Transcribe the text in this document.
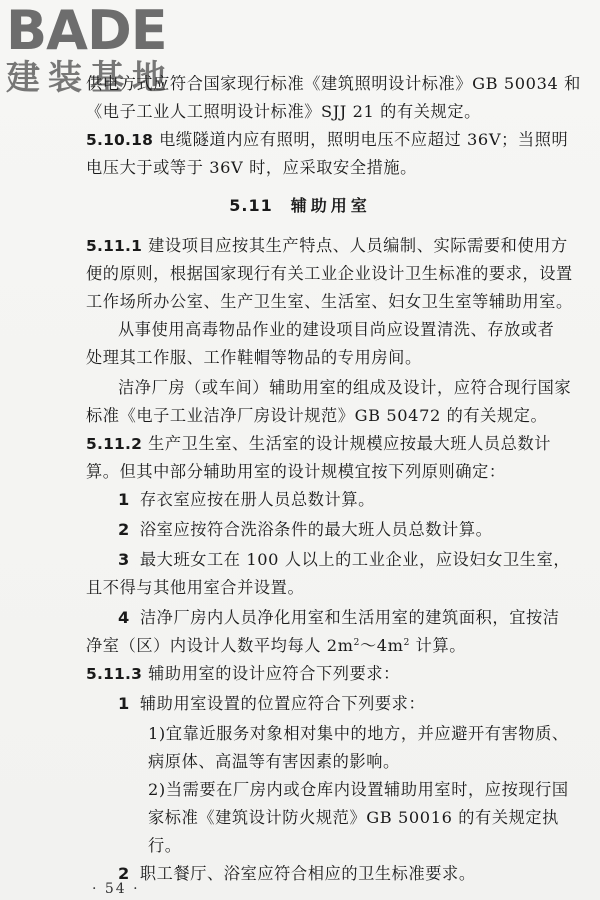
BADE
建装基地
供电方式应符合国家现行标准《建筑照明设计标准》GB 50034 和
《电子工业人工照明设计标准》SJJ 21 的有关规定。
5.10.18 电缆隧道内应有照明，照明电压不应超过 36V；当照明
电压大于或等于 36V 时，应采取安全措施。
5.11 辅助用室
5.11.1 建设项目应按其生产特点、人员编制、实际需要和使用方
便的原则，根据国家现行有关工业企业设计卫生标准的要求，设置
工作场所办公室、生产卫生室、生活室、妇女卫生室等辅助用室。
从事使用高毒物品作业的建设项目尚应设置清洗、存放或者
处理其工作服、工作鞋帽等物品的专用房间。
洁净厂房（或车间）辅助用室的组成及设计，应符合现行国家
标准《电子工业洁净厂房设计规范》GB 50472 的有关规定。
5.11.2 生产卫生室、生活室的设计规模应按最大班人员总数计
算。但其中部分辅助用室的设计规模宜按下列原则确定：
1 存衣室应按在册人员总数计算。
2 浴室应按符合洗浴条件的最大班人员总数计算。
3 最大班女工在 100 人以上的工业企业，应设妇女卫生室，
且不得与其他用室合并设置。
4 洁净厂房内人员净化用室和生活用室的建筑面积，宜按洁
净室（区）内设计人数平均每人 $2m^2\sim 4m^2$ 计算。
5.11.3 辅助用室的设计应符合下列要求：
1 辅助用室设置的位置应符合下列要求：
1)宜靠近服务对象相对集中的地方，并应避开有害物质、
病原体、高温等有害因素的影响。
2)当需要在厂房内或仓库内设置辅助用室时，应按现行国
家标准《建筑设计防火规范》GB 50016 的有关规定执
行。
2 职工餐厅、浴室应符合相应的卫生标准要求。
· 54 ·
